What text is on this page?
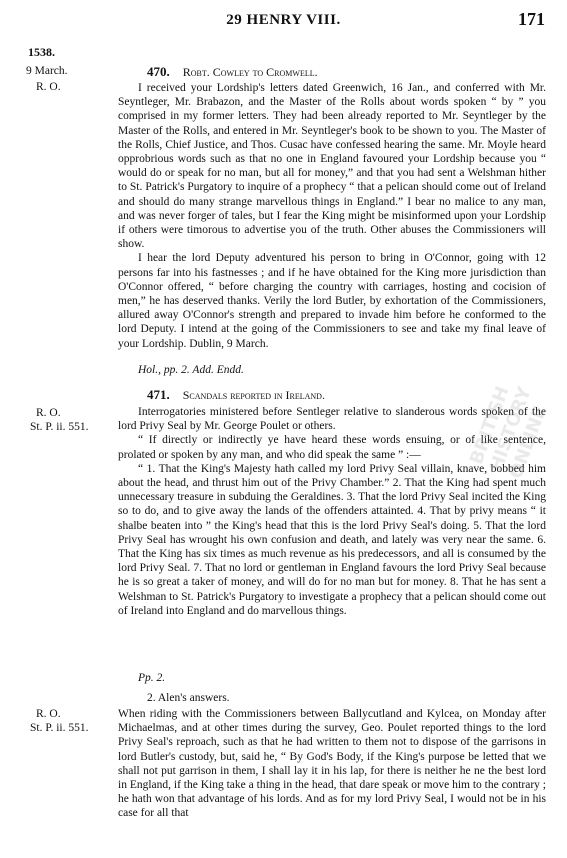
29 HENRY VIII.	171
1538.
9 March.
R. O.
470. Robt. Cowley to Cromwell.

I received your Lordship's letters dated Greenwich, 16 Jan., and conferred with Mr. Seyntleger, Mr. Brabazon, and the Master of the Rolls about words spoken “ by ” you comprised in my former letters. They had been already reported to Mr. Seyntleger by the Master of the Rolls, and entered in Mr. Seyntleger's book to be shown to you. The Master of the Rolls, Chief Justice, and Thos. Cusac have confessed hearing the same. Mr. Moyle heard opprobrious words such as that no one in England favoured your Lordship because you “ would do or speak for no man, but all for money,” and that you had sent a Welshman hither to St. Patrick's Purgatory to inquire of a prophecy “ that a pelican should come out of Ireland and should do many strange marvellous things in England.” I bear no malice to any man, and was never forger of tales, but I fear the King might be misinformed upon your Lordship if others were timorous to advertise you of the truth. Other abuses the Commissioners will show.

I hear the lord Deputy adventured his person to bring in O'Connor, going with 12 persons far into his fastnesses ; and if he have obtained for the King more jurisdiction than O'Connor offered, “ before charging the country with carriages, hosting and cocision of men,” he has deserved thanks. Verily the lord Butler, by exhortation of the Commissioners, allured away O'Connor's strength and prepared to invade him before he conformed to the lord Deputy. I intend at the going of the Commissioners to see and take my final leave of your Lordship. Dublin, 9 March.

Hol., pp. 2. Add. Endd.
471. Scandals reported in Ireland.
R. O.
St. P. ii. 551.

Interrogatories ministered before Sentleger relative to slanderous words spoken of the lord Privy Seal by Mr. George Poulet or others.

“ If directly or indirectly ye have heard these words ensuing, or of like sentence, prolated or spoken by any man, and who did speak the same ” :—

“ 1. That the King's Majesty hath called my lord Privy Seal villain, knave, bobbed him about the head, and thrust him out of the Privy Chamber.” 2. That the King had spent much unnecessary treasure in subduing the Geraldines. 3. That the lord Privy Seal incited the King so to do, and to give away the lands of the offenders attainted. 4. That by privy means “ it shalbe beaten into ” the King's head that this is the lord Privy Seal's doing. 5. That the lord Privy Seal has wrought his own confusion and death, and lately was very near the same. 6. That the King has six times as much revenue as his predecessors, and all is consumed by the lord Privy Seal. 7. That no lord or gentleman in England favours the lord Privy Seal because he is so great a taker of money, and will do for no man but for money. 8. That he has sent a Welshman to St. Patrick's Purgatory to investigate a prophecy that a pelican should come out of Ireland into England and do marvellous things.

Pp. 2.
2. Alen's answers.
R. O.
St. P. ii. 551.

When riding with the Commissioners between Ballycutland and Kylcea, on Monday after Michaelmas, and at other times during the survey, Geo. Poulet reported things to the lord Privy Seal's reproach, such as that he had written to them not to dispose of the garrisons in lord Butler's custody, but, said he, “ By God's Body, if the King's purpose be letted that we shall not put garrison in them, I shall lay it in his lap, for there is neither he ne the best lord in England, if the King take a thing in the head, that dare speak or move him to the contrary ; he hath won that advantage of his lords. And as for my lord Privy Seal, I would not be in his case for all that

BRITISH HISTORY ONLINE
